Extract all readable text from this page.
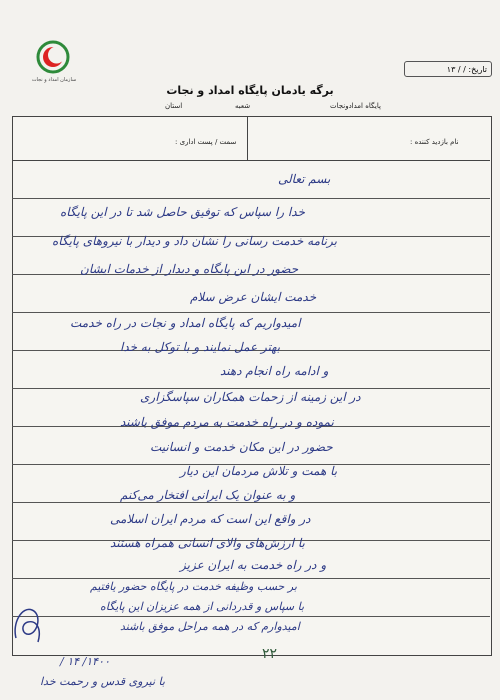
سازمان امداد و نجات
تاریخ: / / ۱۳
برگه یادمان پایگاه امداد و نجات
پایگاه امدادونجات
شعبه
استان
نام بازدید کننده :
سمت / پست اداری :
بسم تعالی
خدا را سپاس که توفیق حاصل شد تا در این پایگاه
برنامه خدمت رسانی را نشان داد و دیدار با نیروهای پایگاه
حضور در این پایگاه و دیدار از خدمات ایشان
خدمت ایشان عرض سلام
امیدواریم که پایگاه امداد و نجات در راه خدمت
بهتر عمل نمایند و با توکل به خدا
و ادامه راه انجام دهند
در این زمینه از زحمات همکاران سپاسگزاری
نموده و در راه خدمت به مردم موفق باشند
حضور در این مکان خدمت و انسانیت
با همت و تلاش مردمان این دیار
و به عنوان یک ایرانی افتخار می‌کنم
در واقع این است که مردم ایران اسلامی
با ارزش‌های والای انسانی همراه هستند
و در راه خدمت به ایران عزیز
بر حسب وظیفه خدمت در پایگاه حضور یافتیم
با سپاس و قدردانی از همه عزیزان این پایگاه
امیدوارم که در همه مراحل موفق باشند
۱۴۰۰/ ۱۴ /
با نیروی قدس و رحمت خدا
۲۲
